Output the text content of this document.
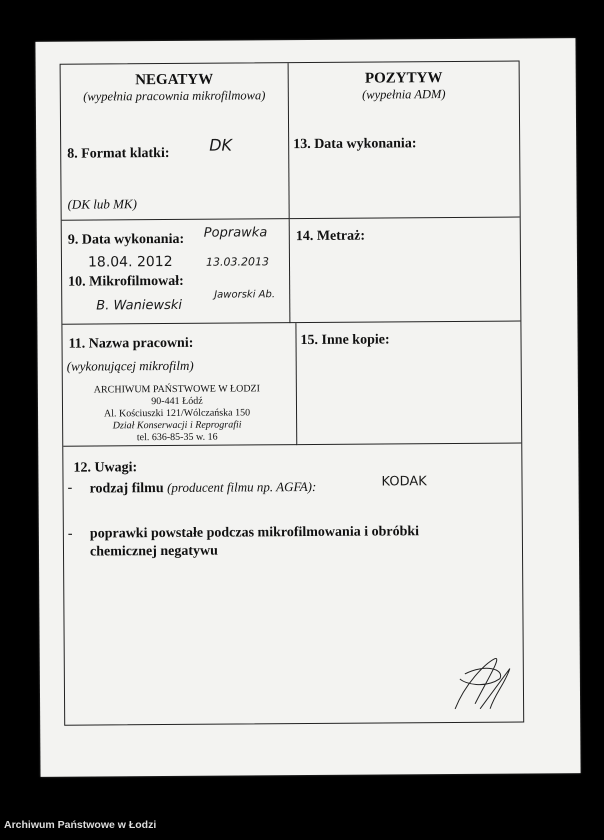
NEGATYW
(wypełnia pracownia mikrofilmowa)
8. Format klatki: DK
(DK lub MK)
POZYTYW
(wypełnia ADM)
13. Data wykonania:
9. Data wykonania: Poprawka
18.04. 2012	13.03.2013
10. Mikrofilmował:
B. Waniewski
Jaworski Ab.
14. Metraż:
11. Nazwa pracowni:
(wykonującej mikrofilm)
ARCHIWUM PAŃSTWOWE W ŁODZI
90-441 Łódź
Al. Kościuszki 121/Wólczańska 150
Dział Konserwacji i Reprografii
tel. 636-85-35 w. 16
15. Inne kopie:
12. Uwagi:
- rodzaj filmu (producent filmu np. AGFA):	KODAK
- poprawki powstałe podczas mikrofilmowania i obróbki
chemicznej negatywu
Archiwum Państwowe w Łodzi
